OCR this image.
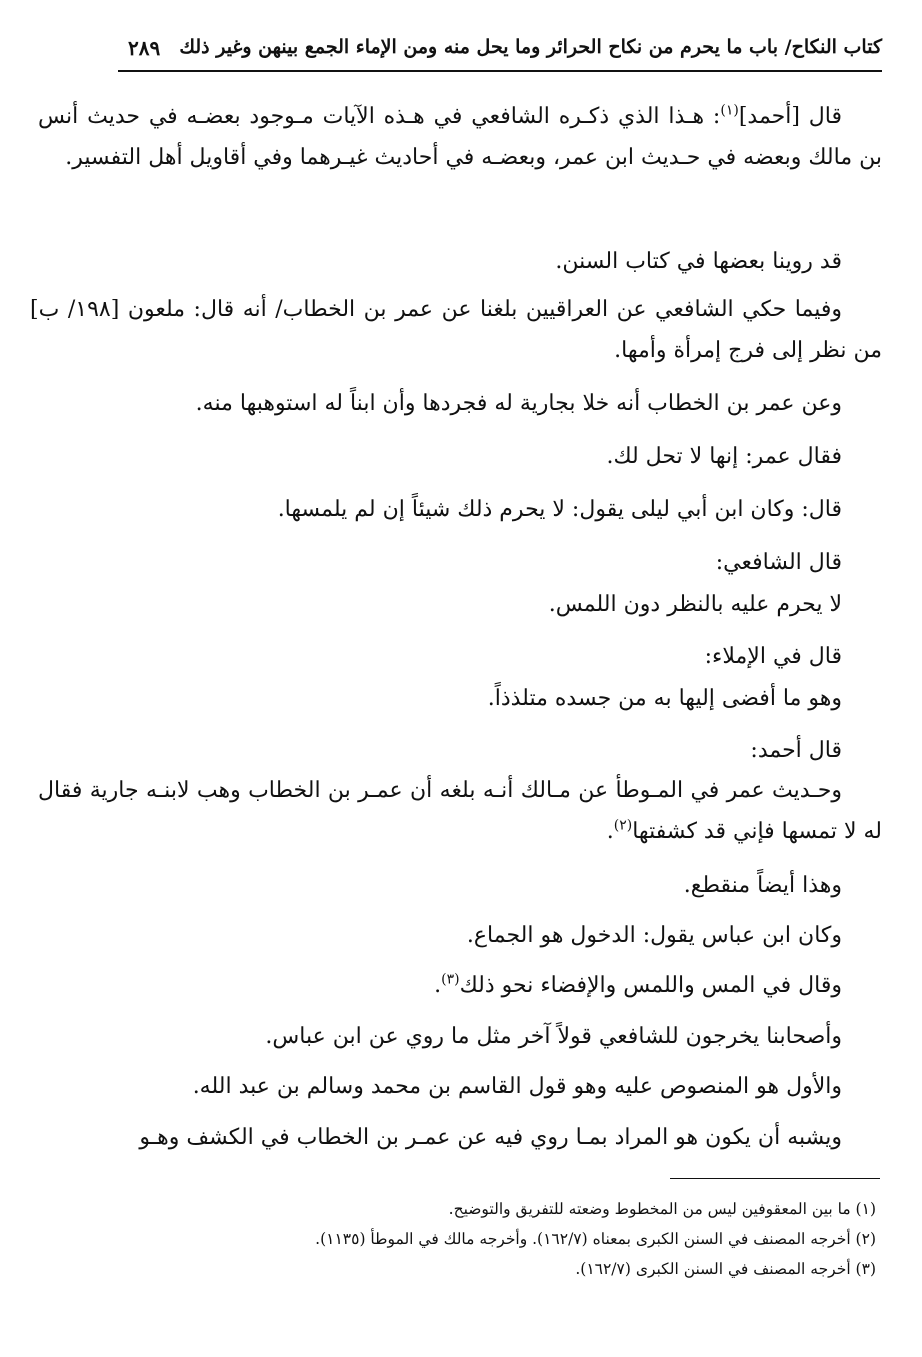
كتاب النكاح/ باب ما يحرم من نكاح الحرائر وما يحل منه ومن الإماء الجمع بينهن وغير ذلك
٢٨٩

قال [أحمد]$^{(١)}$: هـذا الذي ذكـره الشافعي في هـذه الآيات مـوجود بعضـه في حديث أنس بن مالك وبعضه في حـديث ابن عمر، وبعضـه في أحاديث غيـرهما وفي أقاويل أهل التفسير.

قد روينا بعضها في كتاب السنن.

وفيما حكي الشافعي عن العراقيين بلغنا عن عمر بن الخطاب/ أنه قال: ملعون [١٩٨/ ب] من نظر إلى فرج إمرأة وأمها.

وعن عمر بن الخطاب أنه خلا بجارية له فجردها وأن ابناً له استوهبها منه.

فقال عمر: إنها لا تحل لك.

قال: وكان ابن أبي ليلى يقول: لا يحرم ذلك شيئاً إن لم يلمسها.

قال الشافعي:

لا يحرم عليه بالنظر دون اللمس.

قال في الإملاء:

وهو ما أفضى إليها به من جسده متلذذاً.

قال أحمد:

وحـديث عمر في المـوطأ عن مـالك أنـه بلغه أن عمـر بن الخطاب وهب لابنـه جارية فقال له لا تمسها فإني قد كشفتها$^{(٢)}$.

وهذا أيضاً منقطع.

وكان ابن عباس يقول: الدخول هو الجماع.

وقال في المس واللمس والإفضاء نحو ذلك$^{(٣)}$.

وأصحابنا يخرجون للشافعي قولاً آخر مثل ما روي عن ابن عباس.

والأول هو المنصوص عليه وهو قول القاسم بن محمد وسالم بن عبد الله.

ويشبه أن يكون هو المراد بمـا روي فيه عن عمـر بن الخطاب في الكشف وهـو

(١) ما بين المعقوفين ليس من المخطوط وضعته للتفريق والتوضيح.

(٢) أخرجه المصنف في السنن الكبرى بمعناه (١٦٢/٧). وأخرجه مالك في الموطأ (١١٣٥).

(٣) أخرجه المصنف في السنن الكبرى (١٦٢/٧).
